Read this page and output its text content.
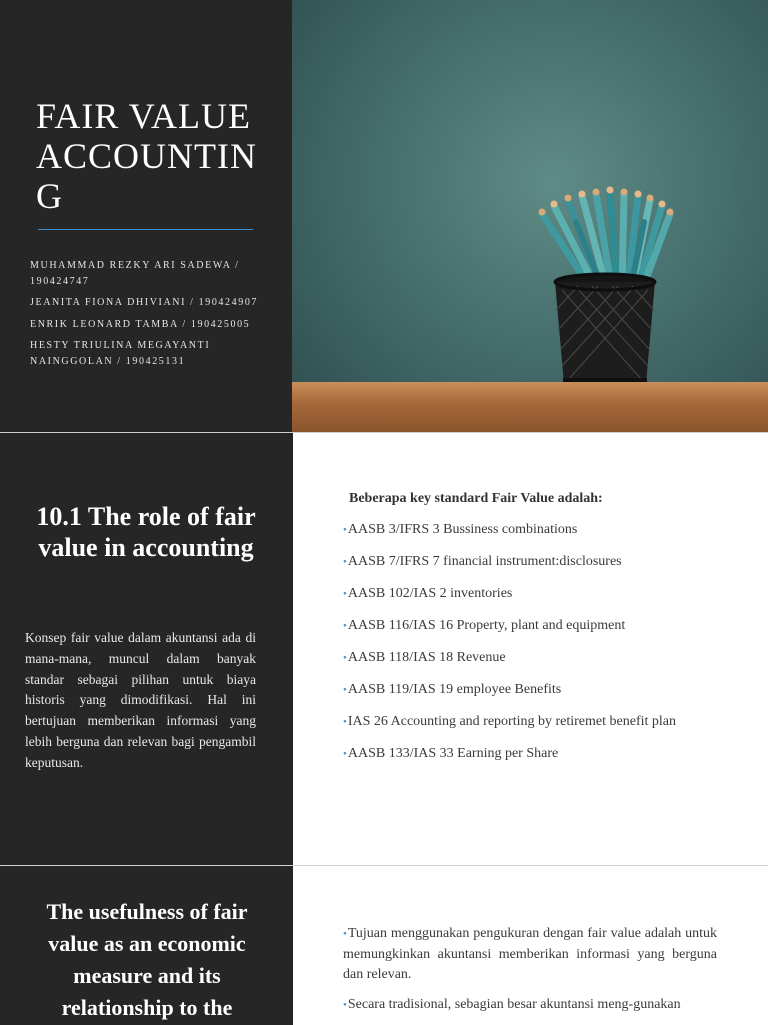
FAIR VALUE ACCOUNTIN G

MUHAMMAD REZKY ARI SADEWA / 190424747

JEANITA FIONA DHIVIANI / 190424907

ENRIK LEONARD TAMBA / 190425005

HESTY TRIULINA MEGAYANTI NAINGGOLAN / 190425131

10.1 The role of fair value in accounting

Konsep fair value dalam akuntansi ada di mana-mana, muncul dalam banyak standar sebagai pilihan untuk biaya historis yang dimodifikasi. Hal ini bertujuan memberikan informasi yang lebih berguna dan relevan bagi pengambil keputusan.

Beberapa key standard Fair Value adalah:

•AASB 3/IFRS 3 Bussiness combinations
•AASB 7/IFRS 7 financial instrument:disclosures
•AASB 102/IAS 2 inventories
•AASB 116/IAS 16 Property, plant and equipment
•AASB 118/IAS 18 Revenue
•AASB 119/IAS 19 employee Benefits
•IAS 26 Accounting and reporting by retiremet benefit plan
•AASB 133/IAS 33 Earning per Share
The usefulness of fair value as an economic measure and its relationship to the
•Tujuan menggunakan pengukuran dengan fair value adalah untuk memungkinkan akuntansi memberikan informasi yang berguna dan relevan.
•Secara tradisional, sebagian besar akuntansi meng-gunakan
